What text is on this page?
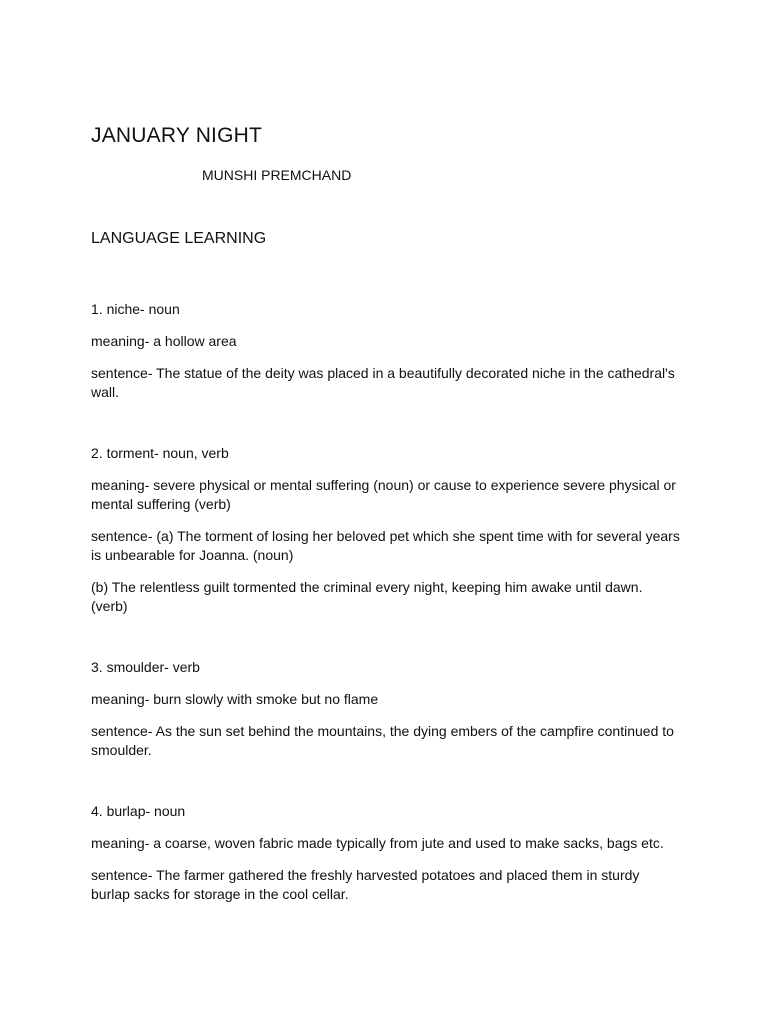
JANUARY NIGHT

MUNSHI PREMCHAND

LANGUAGE LEARNING

1. niche- noun

meaning- a hollow area

sentence- The statue of the deity was placed in a beautifully decorated niche in the cathedral's wall.

2. torment- noun, verb

meaning- severe physical or mental suffering (noun) or cause to experience severe physical or mental suffering (verb)

sentence- (a) The torment of losing her beloved pet which she spent time with for several years is unbearable for Joanna. (noun)

(b) The relentless guilt tormented the criminal every night, keeping him awake until dawn. (verb)

3. smoulder- verb

meaning- burn slowly with smoke but no flame

sentence- As the sun set behind the mountains, the dying embers of the campfire continued to smoulder.

4. burlap- noun

meaning- a coarse, woven fabric made typically from jute and used to make sacks, bags etc.

sentence- The farmer gathered the freshly harvested potatoes and placed them in sturdy burlap sacks for storage in the cool cellar.
